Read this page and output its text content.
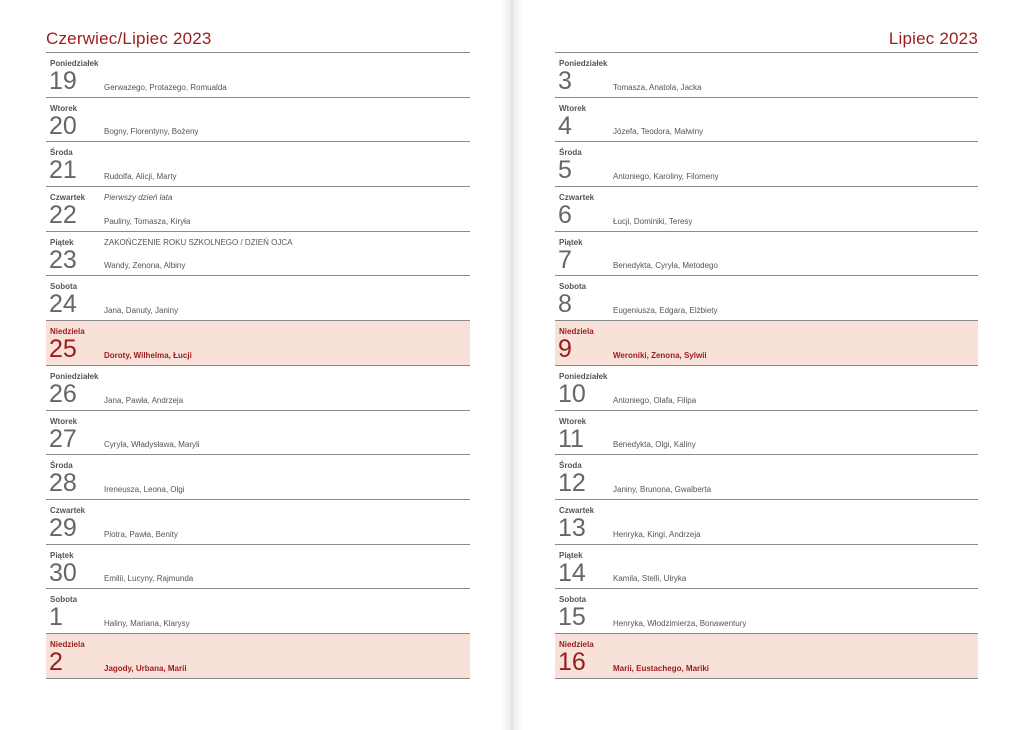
Czerwiec/Lipiec 2023
Poniedziałek
19	Gerwazego, Protazego, Romualda
Wtorek
20	Bogny, Florentyny, Bożeny
Środa
21	Rudolfa, Alicji, Marty
Czwartek
22
Pierwszy dzień lata
Pauliny, Tomasza, Kiryła
Piątek
23
ZAKOŃCZENIE ROKU SZKOLNEGO / DZIEŃ OJCA
Wandy, Zenona, Albiny
Sobota
24	Jana, Danuty, Janiny
Niedziela
25	Doroty, Wilhelma, Łucji
Poniedziałek
26	Jana, Pawła, Andrzeja
Wtorek
27	Cyryla, Władysława, Maryli
Środa
28	Ireneusza, Leona, Olgi
Czwartek
29	Piotra, Pawła, Benity
Piątek
30	Emilii, Lucyny, Rajmunda
Sobota
1	Haliny, Mariana, Klarysy
Niedziela
2	Jagody, Urbana, Marii
Lipiec 2023
Poniedziałek
3	Tomasza, Anatola, Jacka
Wtorek
4	Józefa, Teodora, Malwiny
Środa
5	Antoniego, Karoliny, Filomeny
Czwartek
6	Łucji, Dominiki, Teresy
Piątek
7	Benedykta, Cyryla, Metodego
Sobota
8	Eugeniusza, Edgara, Elżbiety
Niedziela
9	Weroniki, Zenona, Sylwii
Poniedziałek
10	Antoniego, Olafa, Filipa
Wtorek
11	Benedykta, Olgi, Kaliny
Środa
12	Janiny, Brunona, Gwalberta
Czwartek
13	Henryka, Kingi, Andrzeja
Piątek
14	Kamila, Stelli, Ulryka
Sobota
15	Henryka, Włodzimierza, Bonawentury
Niedziela
16	Marii, Eustachego, Mariki
